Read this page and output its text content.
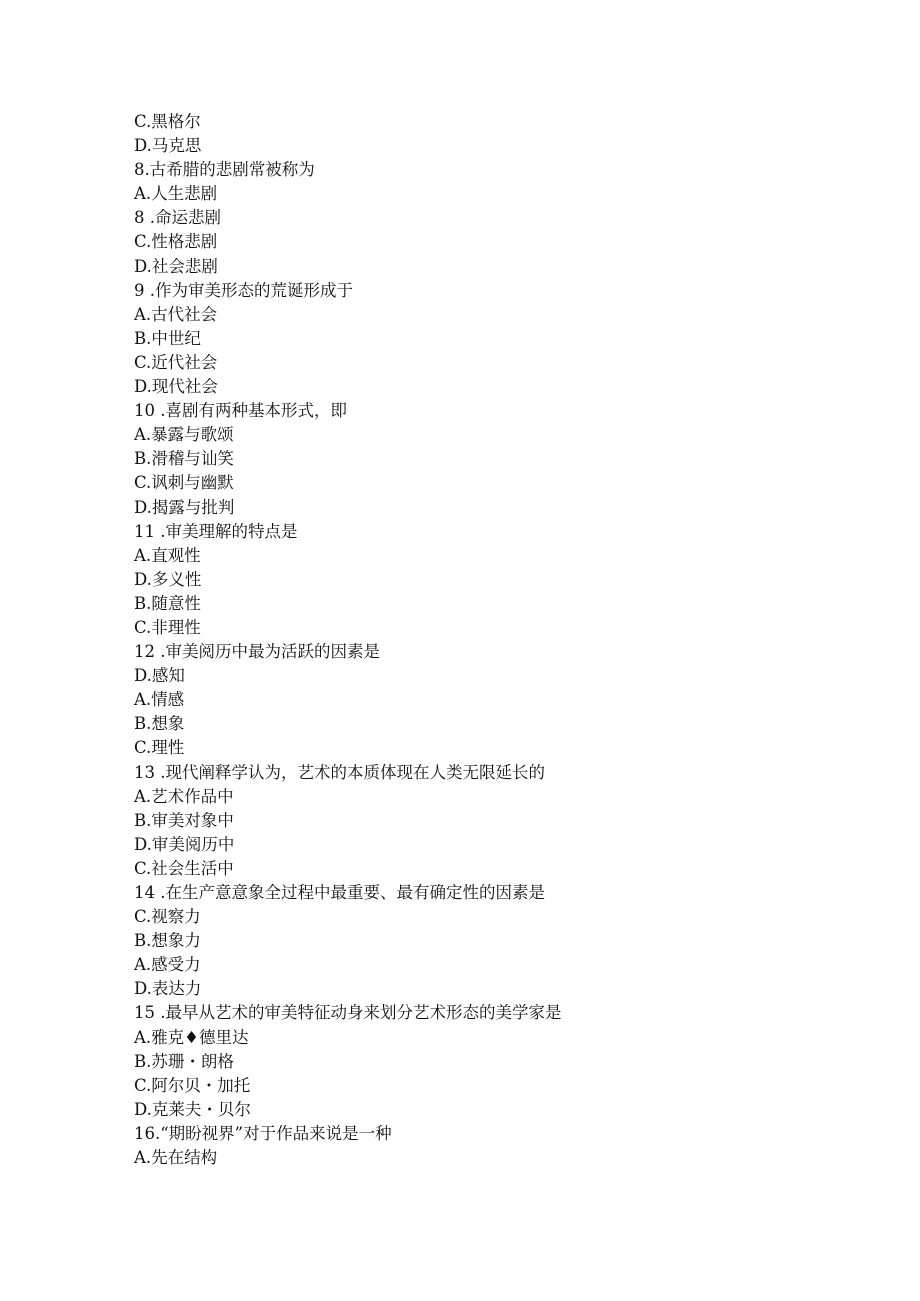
C.黑格尔
D.马克思
8.古希腊的悲剧常被称为
A.人生悲剧
8 .命运悲剧
C.性格悲剧
D.社会悲剧
9 .作为审美形态的荒诞形成于
A.古代社会
B.中世纪
C.近代社会
D.现代社会
10 .喜剧有两种基本形式，即
A.暴露与歌颂
B.滑稽与讪笑
C.讽刺与幽默
D.揭露与批判
11 .审美理解的特点是
A.直观性
D.多义性
B.随意性
C.非理性
12 .审美阅历中最为活跃的因素是
D.感知
A.情感
B.想象
C.理性
13 .现代阐释学认为，艺术的本质体现在人类无限延长的
A.艺术作品中
B.审美对象中
D.审美阅历中
C.社会生活中
14 .在生产意意象全过程中最重要、最有确定性的因素是
C.视察力
B.想象力
A.感受力
D.表达力
15 .最早从艺术的审美特征动身来划分艺术形态的美学家是
A.雅克♦德里达
B.苏珊・朗格
C.阿尔贝・加托
D.克莱夫・贝尔
16.“期盼视界”对于作品来说是一种
A.先在结构
